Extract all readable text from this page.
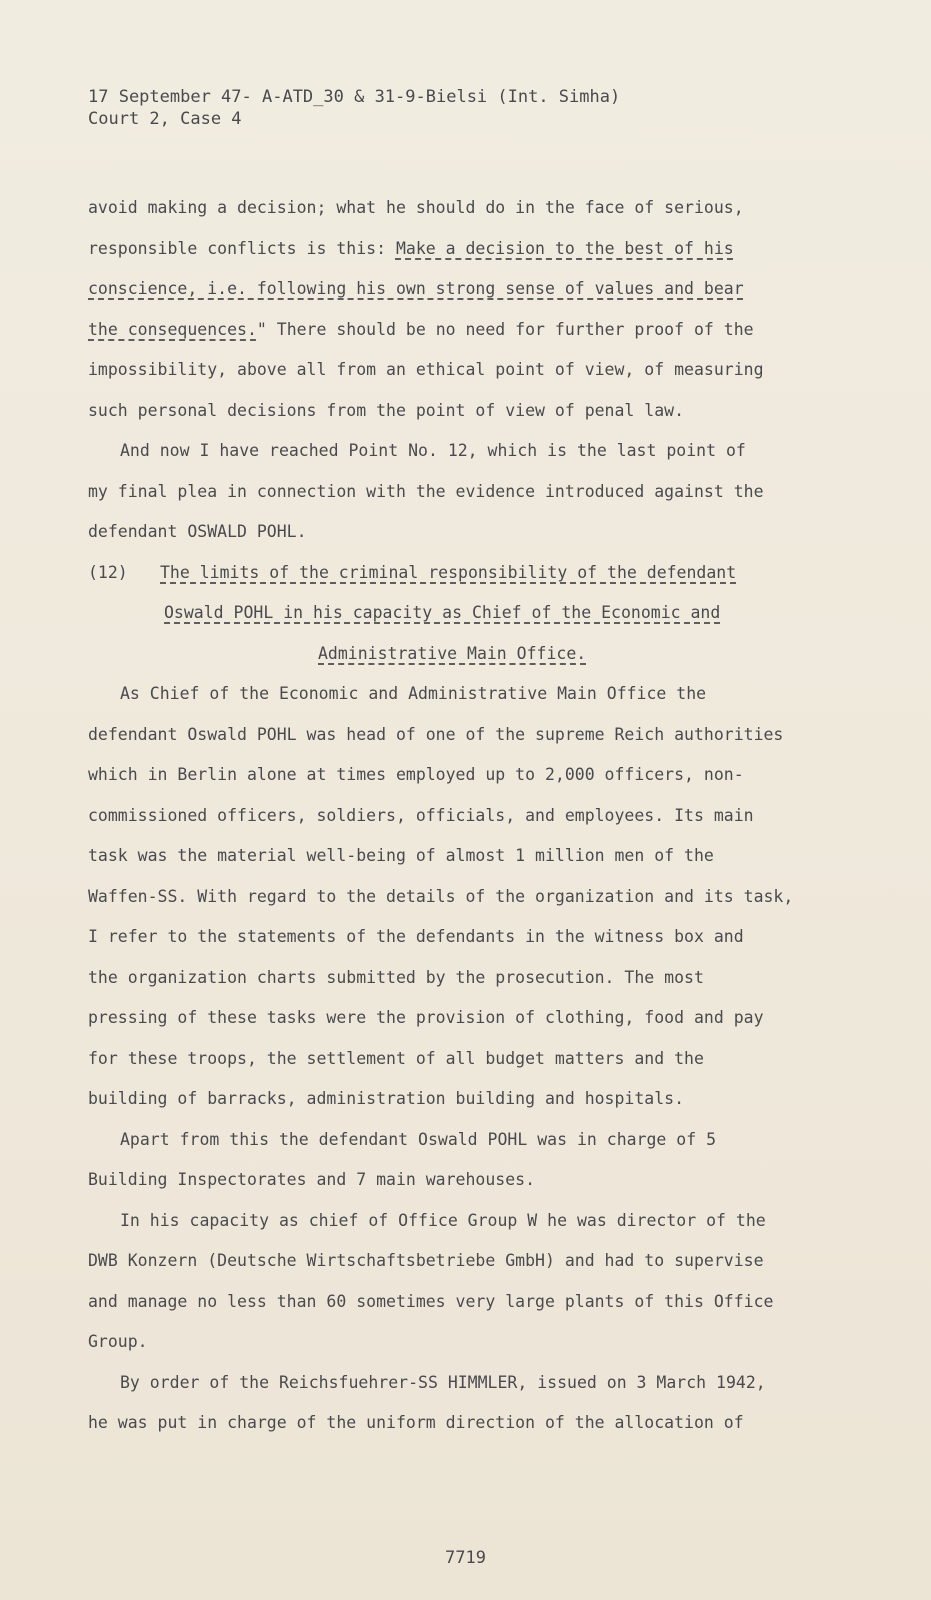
17 September 47- A-ATD_30 & 31-9-Bielsi (Int. Simha)
Court 2, Case 4
avoid making a decision; what he should do in the face of serious,
responsible conflicts is this: Make a decision to the best of his
conscience, i.e. following his own strong sense of values and bear
the consequences." There should be no need for further proof of the
impossibility, above all from an ethical point of view, of measuring
such personal decisions from the point of view of penal law.
And now I have reached Point No. 12, which is the last point of
my final plea in connection with the evidence introduced against the
defendant OSWALD POHL.
(12) The limits of the criminal responsibility of the defendant
Oswald POHL in his capacity as Chief of the Economic and
Administrative Main Office.
As Chief of the Economic and Administrative Main Office the
defendant Oswald POHL was head of one of the supreme Reich authorities
which in Berlin alone at times employed up to 2,000 officers, non-
commissioned officers, soldiers, officials, and employees. Its main
task was the material well-being of almost 1 million men of the
Waffen-SS. With regard to the details of the organization and its task,
I refer to the statements of the defendants in the witness box and
the organization charts submitted by the prosecution. The most
pressing of these tasks were the provision of clothing, food and pay
for these troops, the settlement of all budget matters and the
building of barracks, administration building and hospitals.
Apart from this the defendant Oswald POHL was in charge of 5
Building Inspectorates and 7 main warehouses.
In his capacity as chief of Office Group W he was director of the
DWB Konzern (Deutsche Wirtschaftsbetriebe GmbH) and had to supervise
and manage no less than 60 sometimes very large plants of this Office
Group.
By order of the Reichsfuehrer-SS HIMMLER, issued on 3 March 1942,
he was put in charge of the uniform direction of the allocation of
7719
